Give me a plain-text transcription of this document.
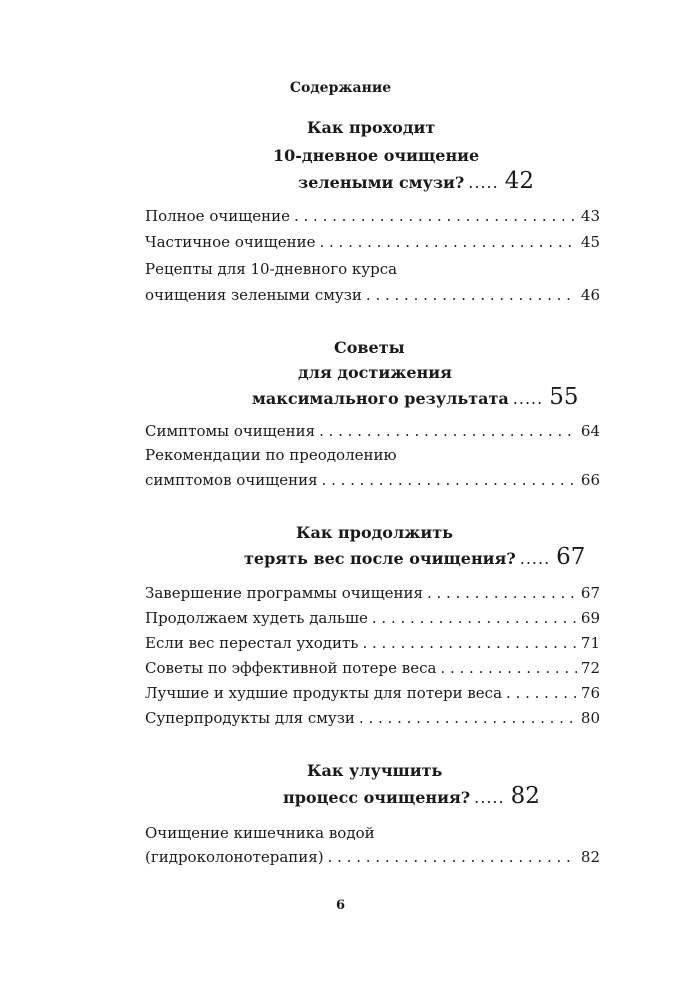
Содержание
Как проходит
10-дневное очищение
зелеными смузи? ..... 42
Полное очищение . . .	43
Частичное очищение . . .	45
Рецепты для 10-дневного курса
очищения зелеными смузи . . .	46
Советы
для достижения
максимального результата ..... 55
Симптомы очищения . . .	64
Рекомендации по преодолению
симптомов очищения . . .	66
Как продолжить
терять вес после очищения? ..... 67
Завершение программы очищения . . .	67
Продолжаем худеть дальше . . .	69
Если вес перестал уходить . . .	71
Советы по эффективной потере веса . . .	72
Лучшие и худшие продукты для потери веса . . .	76
Суперпродукты для смузи . . .	80
Как улучшить
процесс очищения? ..... 82
Очищение кишечника водой
(гидроколонотерапия) . . .	82
6
